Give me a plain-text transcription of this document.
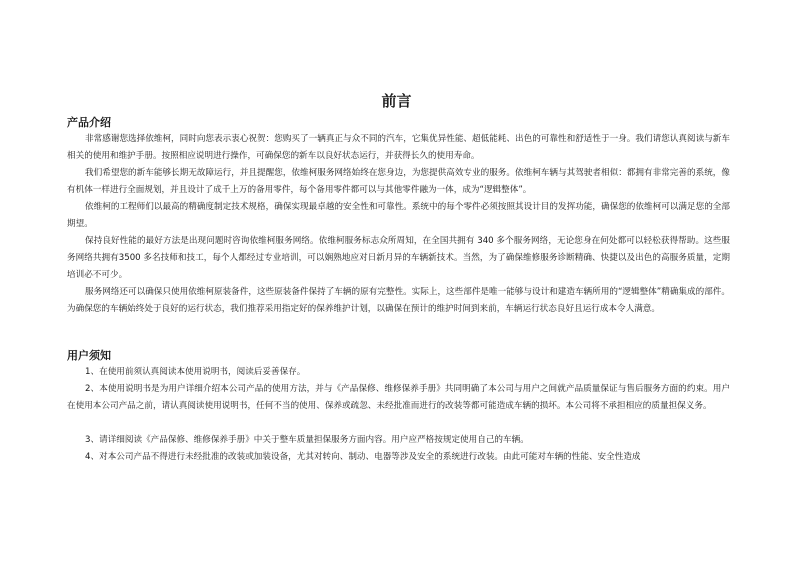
前言
产品介绍

非常感谢您选择依维柯，同时向您表示衷心祝贺：您购买了一辆真正与众不同的汽车，它集优异性能、超低能耗、出色的可靠性和舒适性于一身。我们请您认真阅读与新车相关的使用和维护手册。按照相应说明进行操作，可确保您的新车以良好状态运行，并获得长久的使用寿命。

我们希望您的新车能够长期无故障运行，并且提醒您，依维柯服务网络始终在您身边，为您提供高效专业的服务。依维柯车辆与其驾驶者相似：都拥有非常完善的系统，像有机体一样进行全面规划，并且设计了成千上万的备用零件，每个备用零件都可以与其他零件融为一体，成为“逻辑整体”。

依维柯的工程师们以最高的精确度制定技术规格，确保实现最卓越的安全性和可靠性。系统中的每个零件必须按照其设计目的发挥功能，确保您的依维柯可以满足您的全部期望。

保持良好性能的最好方法是出现问题时咨询依维柯服务网络。依维柯服务标志众所周知，在全国共拥有 340 多个服务网络，无论您身在何处都可以轻松获得帮助。这些服务网络共拥有3500 多名技师和技工，每个人都经过专业培训，可以娴熟地应对日新月异的车辆新技术。当然，为了确保维修服务诊断精确、快捷以及出色的高服务质量，定期培训必不可少。

服务网络还可以确保只使用依维柯原装备件，这些原装备件保持了车辆的原有完整性。实际上，这些部件是唯一能够与设计和建造车辆所用的“逻辑整体”精确集成的部件。为确保您的车辆始终处于良好的运行状态，我们推荐采用指定好的保养维护计划，以确保在预计的维护时间到来前，车辆运行状态良好且运行成本令人满意。

用户须知

1、在使用前须认真阅读本使用说明书，阅读后妥善保存。

2、本使用说明书是为用户详细介绍本公司产品的使用方法，并与《产品保修、维修保养手册》共同明确了本公司与用户之间就产品质量保证与售后服务方面的约束。用户在使用本公司产品之前，请认真阅读使用说明书，任何不当的使用、保养或疏忽、未经批准而进行的改装等都可能造成车辆的损坏。本公司将不承担相应的质量担保义务。

3、请详细阅读《产品保修、维修保养手册》中关于整车质量担保服务方面内容。用户应严格按规定使用自己的车辆。

4、对本公司产品不得进行未经批准的改装或加装设备，尤其对转向、制动、电器等涉及安全的系统进行改装。由此可能对车辆的性能、安全性造成
